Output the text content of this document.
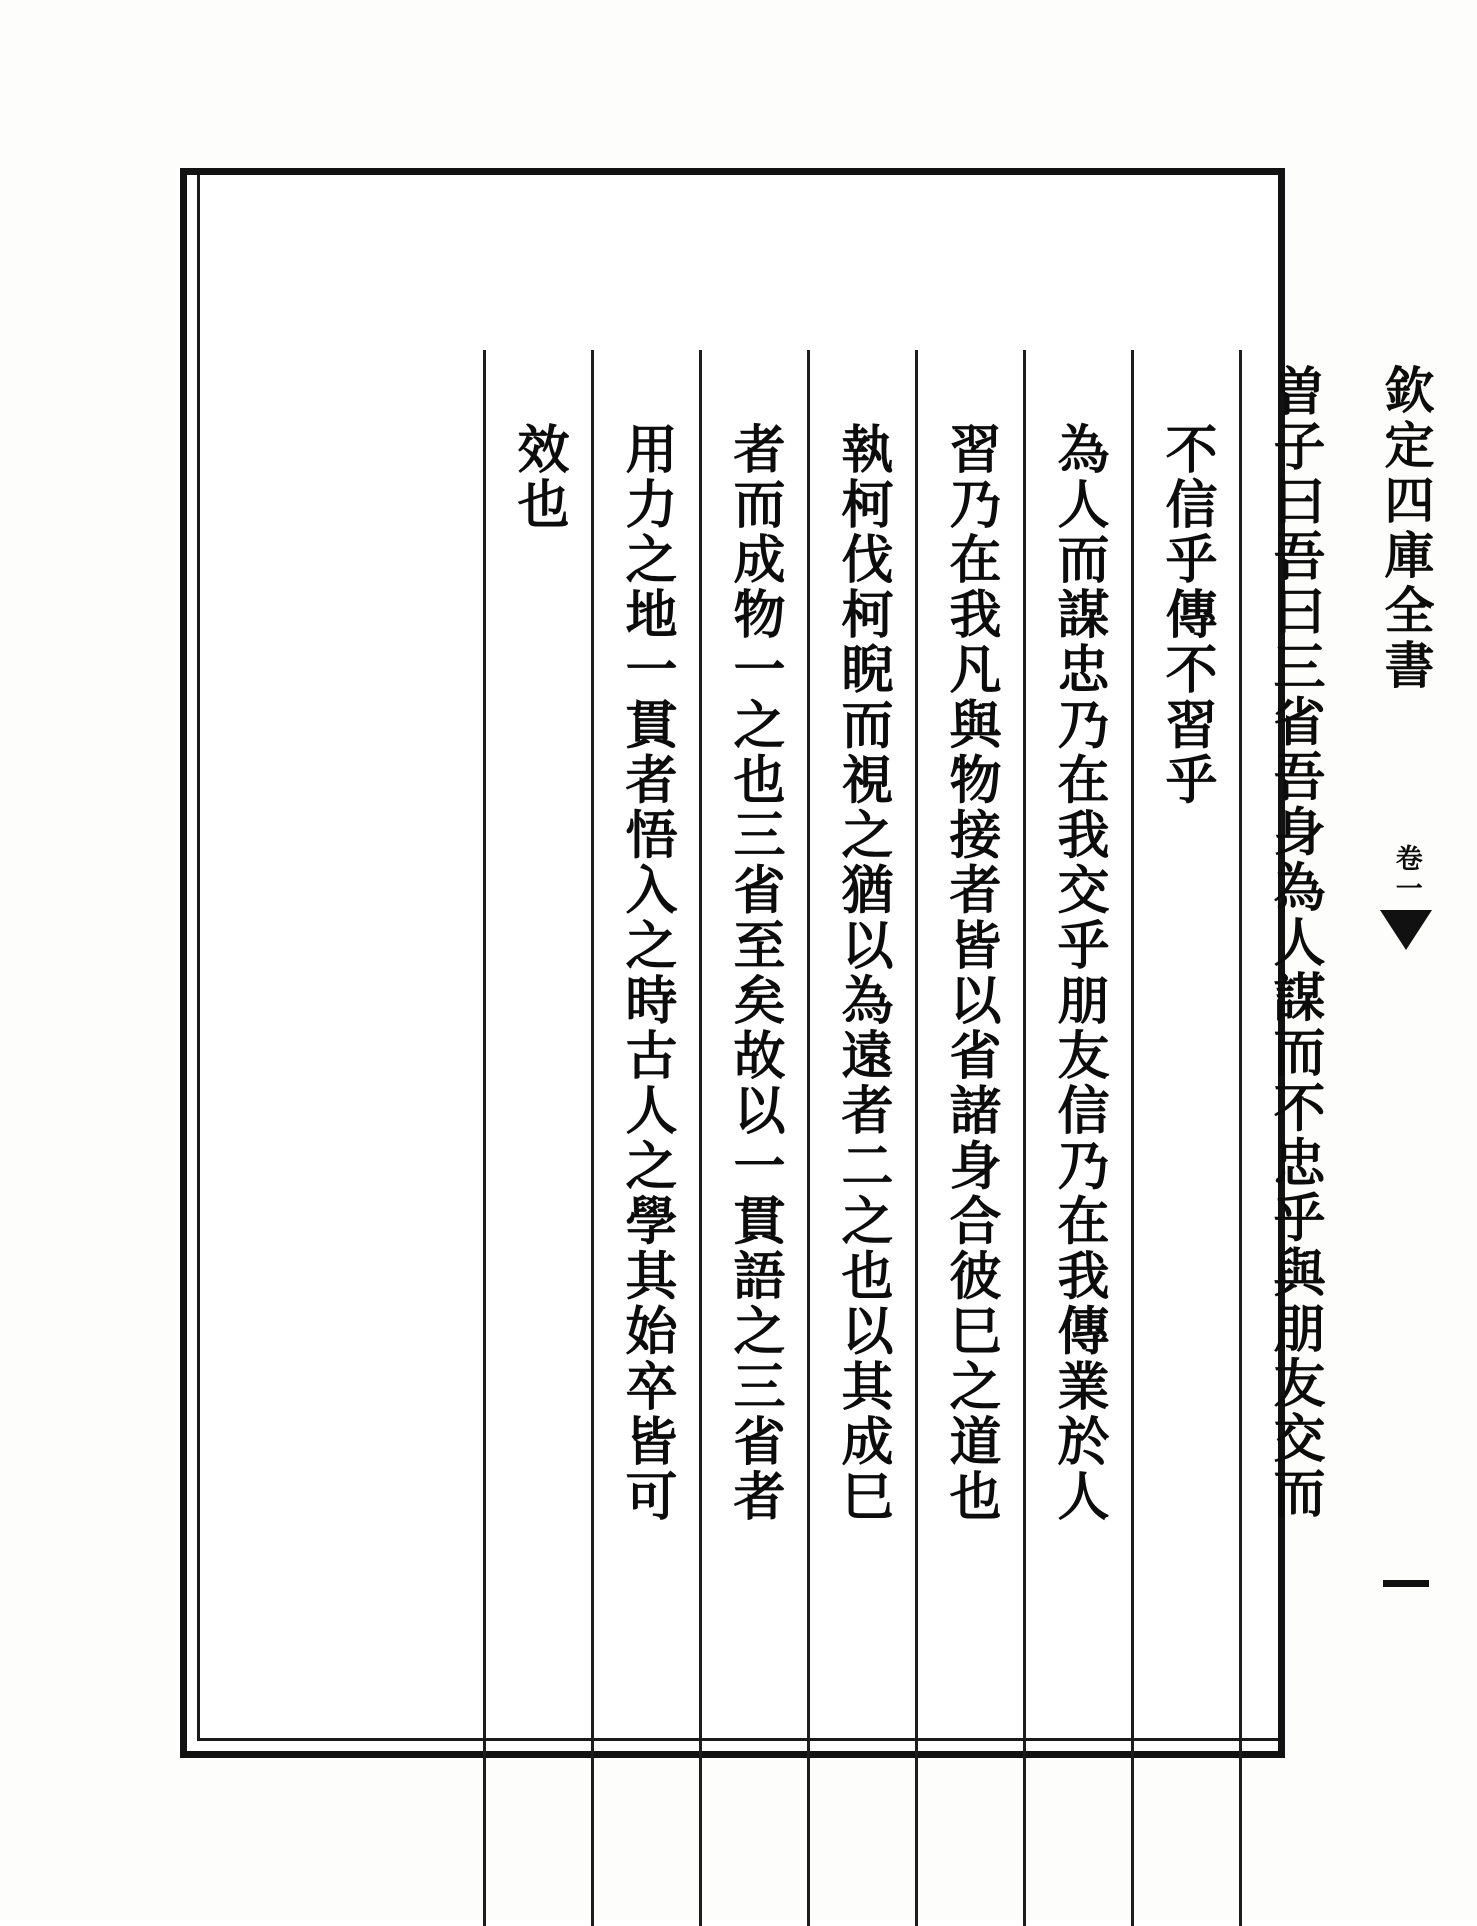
欽定四庫全書
卷一
曽子曰吾曰三省吾身為人謀而不忠乎與朋友交而
不信乎傳不習乎
為人而謀忠乃在我交乎朋友信乃在我傳業於人
習乃在我凡與物接者皆以省諸身合彼巳之道也
執柯伐柯睨而視之猶以為遠者二之也以其成巳
者而成物一之也三省至矣故以一貫語之三省者
用力之地一貫者悟入之時古人之學其始卒皆可
效也
